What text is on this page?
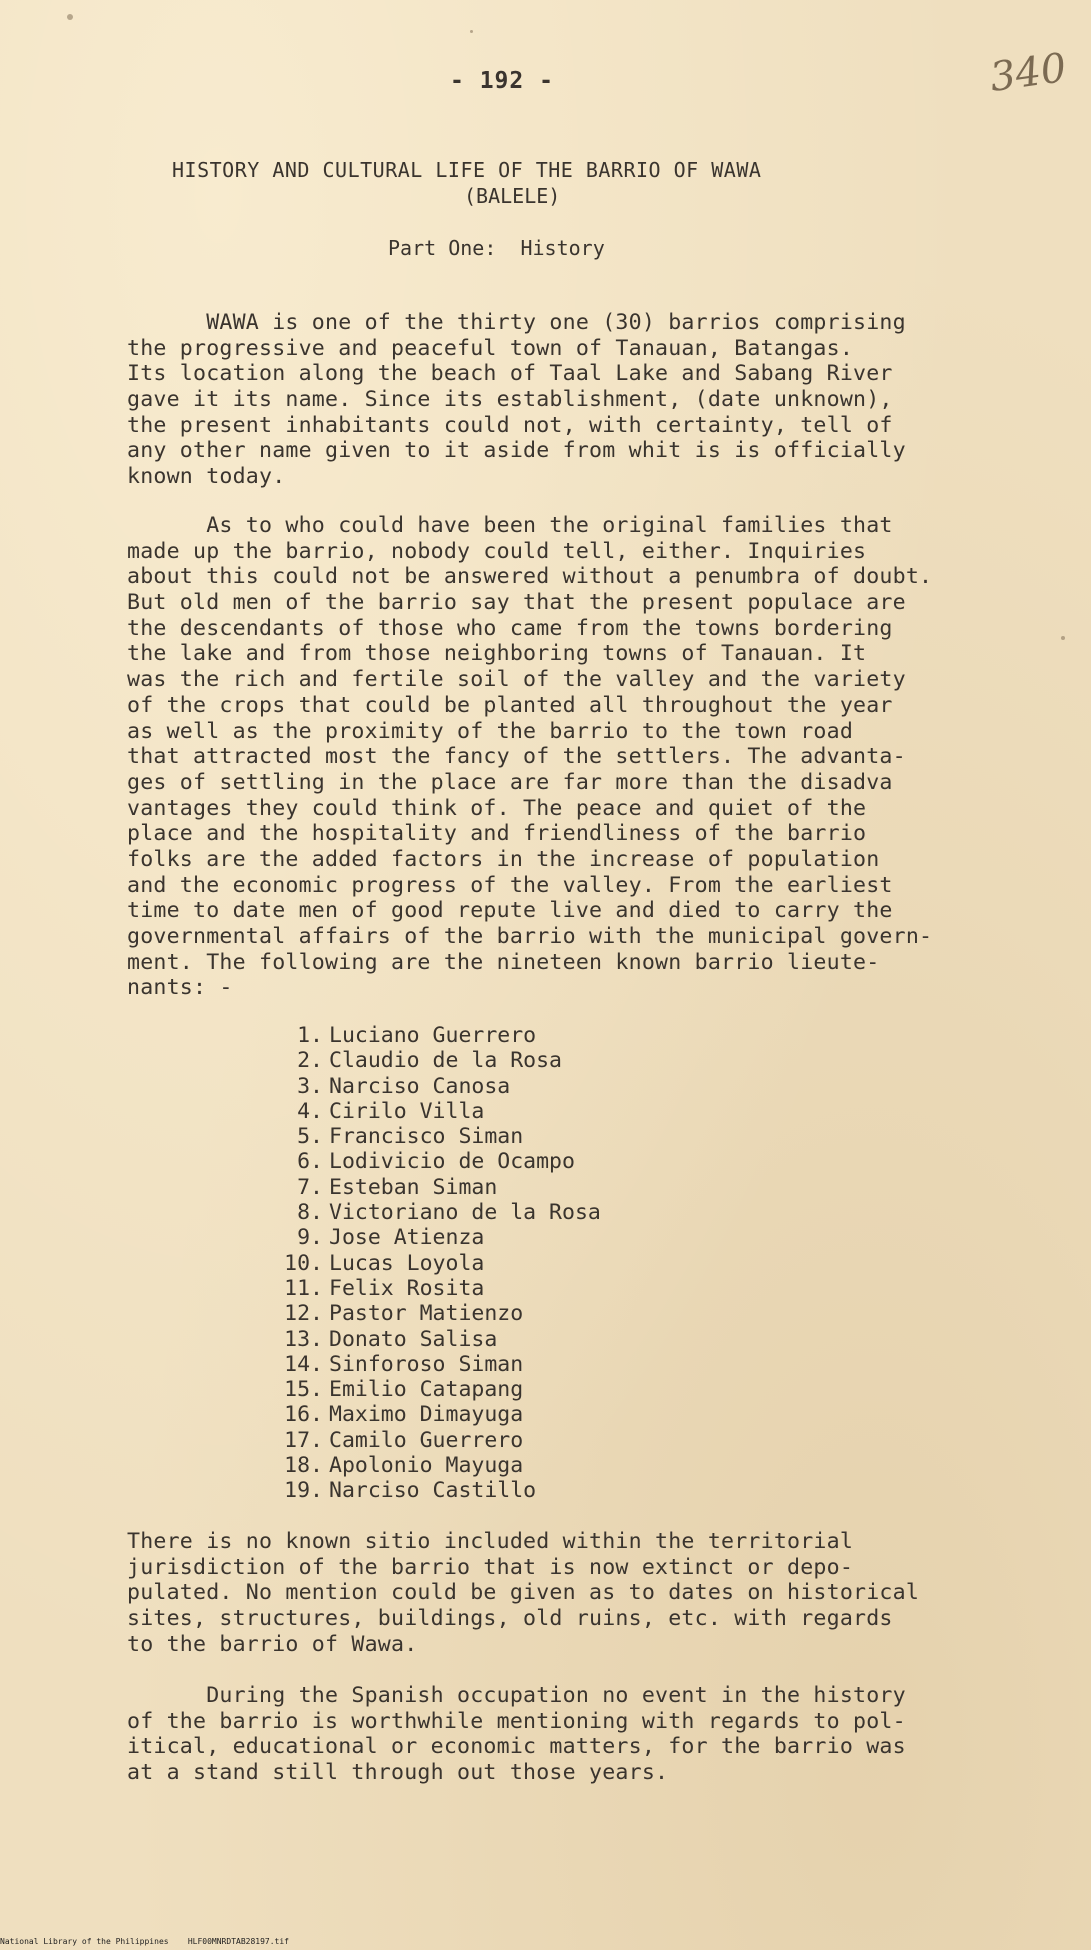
- 192 -	340
HISTORY AND CULTURAL LIFE OF THE BARRIO OF WAWA
(BALELE)
Part One:  History
WAWA is one of the thirty one (30) barrios comprising
the progressive and peaceful town of Tanauan, Batangas.
Its location along the beach of Taal Lake and Sabang River
gave it its name. Since its establishment, (date unknown),
the present inhabitants could not, with certainty, tell of
any other name given to it aside from whit is is officially
known today.
As to who could have been the original families that
made up the barrio, nobody could tell, either. Inquiries
about this could not be answered without a penumbra of doubt.
But old men of the barrio say that the present populace are
the descendants of those who came from the towns bordering
the lake and from those neighboring towns of Tanauan. It
was the rich and fertile soil of the valley and the variety
of the crops that could be planted all throughout the year
as well as the proximity of the barrio to the town road
that attracted most the fancy of the settlers. The advanta-
ges of settling in the place are far more than the disadva
vantages they could think of. The peace and quiet of the
place and the hospitality and friendliness of the barrio
folks are the added factors in the increase of population
and the economic progress of the valley. From the earliest
time to date men of good repute live and died to carry the
governmental affairs of the barrio with the municipal govern-
ment. The following are the nineteen known barrio lieute-
nants: -
1. Luciano Guerrero
2. Claudio de la Rosa
3. Narciso Canosa
4. Cirilo Villa
5. Francisco Siman
6. Lodivicio de Ocampo
7. Esteban Siman
8. Victoriano de la Rosa
9. Jose Atienza
10. Lucas Loyola
11. Felix Rosita
12. Pastor Matienzo
13. Donato Salisa
14. Sinforoso Siman
15. Emilio Catapang
16. Maximo Dimayuga
17. Camilo Guerrero
18. Apolonio Mayuga
19. Narciso Castillo
There is no known sitio included within the territorial
jurisdiction of the barrio that is now extinct or depo-
pulated. No mention could be given as to dates on historical
sites, structures, buildings, old ruins, etc. with regards
to the barrio of Wawa.
During the Spanish occupation no event in the history
of the barrio is worthwhile mentioning with regards to pol-
itical, educational or economic matters, for the barrio was
at a stand still through out those years.
National Library of the Philippines    HLF00MNRDTAB28197.tif
